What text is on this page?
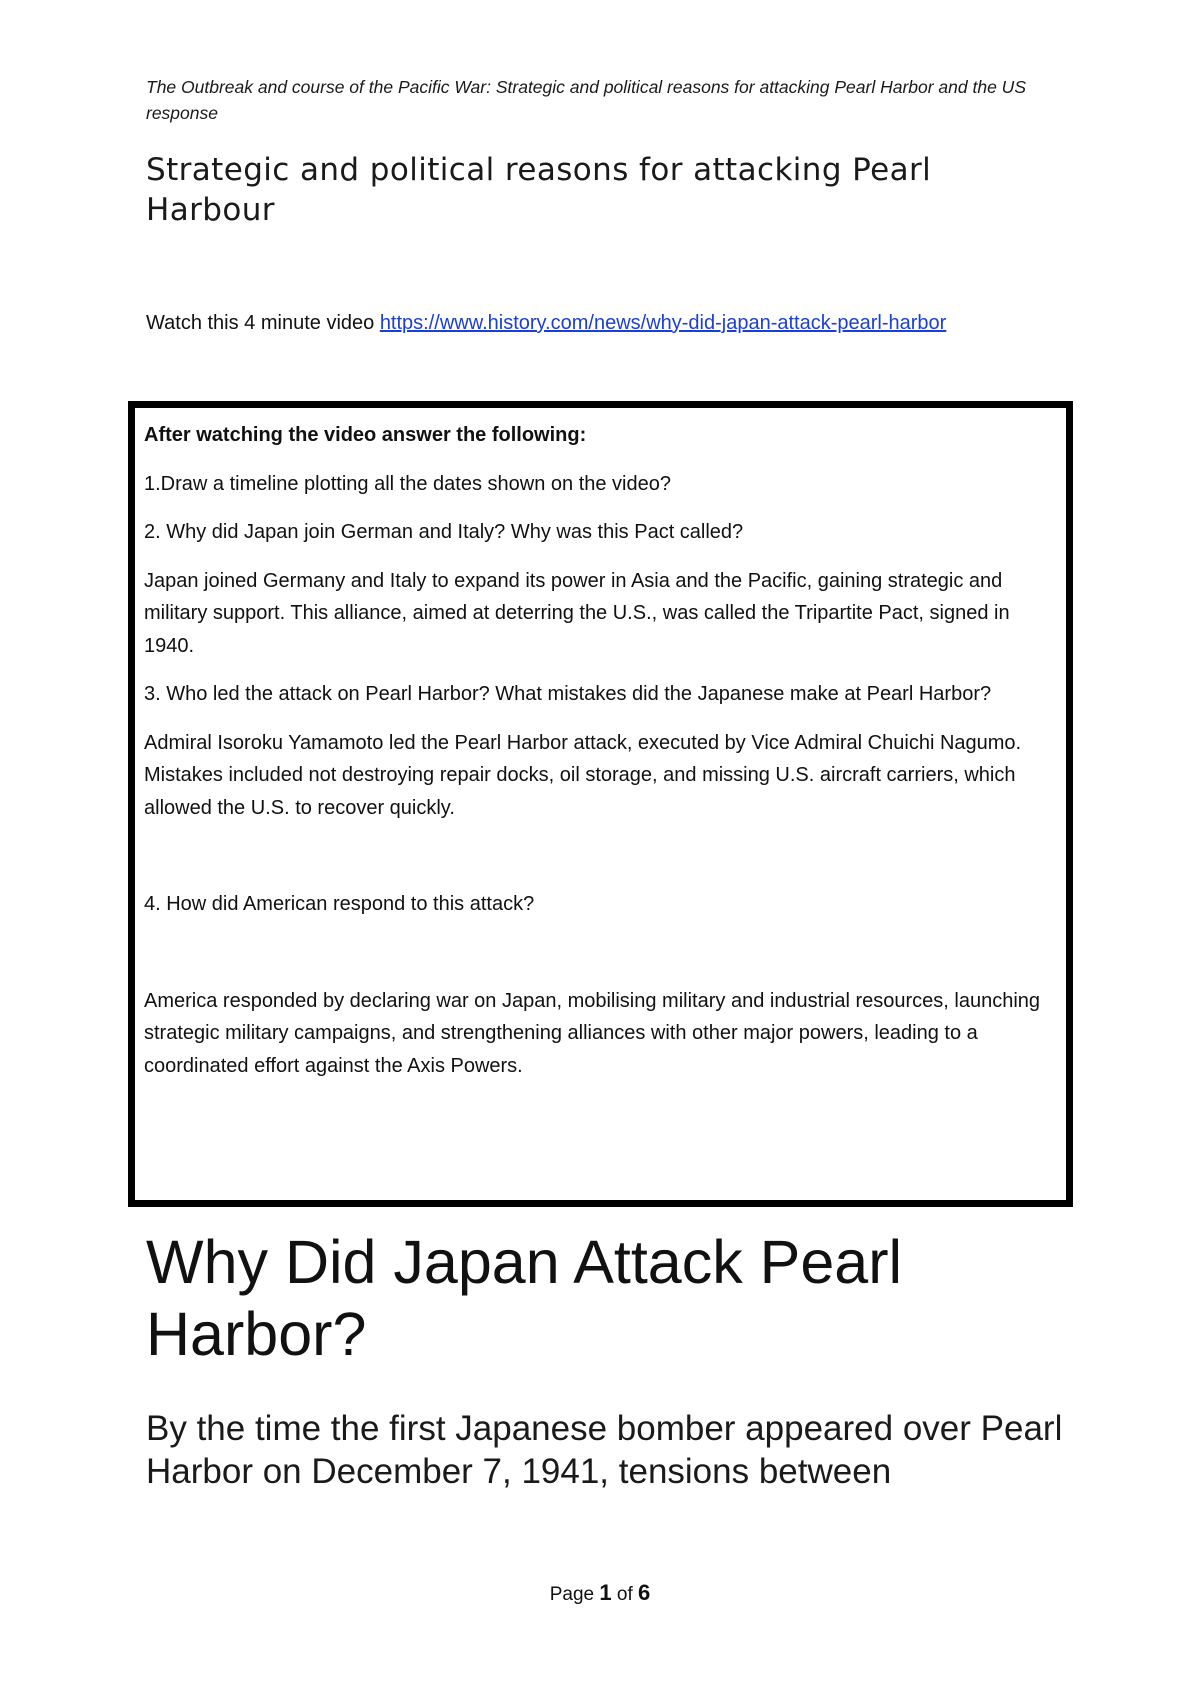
The Outbreak and course of the Pacific War: Strategic and political reasons for attacking Pearl Harbor and the US response
Strategic and political reasons for attacking Pearl Harbour
Watch this 4 minute video https://www.history.com/news/why-did-japan-attack-pearl-harbor

After watching the video answer the following:

1.Draw a timeline plotting all the dates shown on the video?

2. Why did Japan join German and Italy? Why was this Pact called?

Japan joined Germany and Italy to expand its power in Asia and the Pacific, gaining strategic and military support. This alliance, aimed at deterring the U.S., was called the Tripartite Pact, signed in 1940.

3. Who led the attack on Pearl Harbor? What mistakes did the Japanese make at Pearl Harbor?

Admiral Isoroku Yamamoto led the Pearl Harbor attack, executed by Vice Admiral Chuichi Nagumo. Mistakes included not destroying repair docks, oil storage, and missing U.S. aircraft carriers, which allowed the U.S. to recover quickly.

4. How did American respond to this attack?

America responded by declaring war on Japan, mobilising military and industrial resources, launching strategic military campaigns, and strengthening alliances with other major powers, leading to a coordinated effort against the Axis Powers.

Why Did Japan Attack Pearl Harbor?
By the time the first Japanese bomber appeared over Pearl Harbor on December 7, 1941, tensions between
Page 1 of 6
